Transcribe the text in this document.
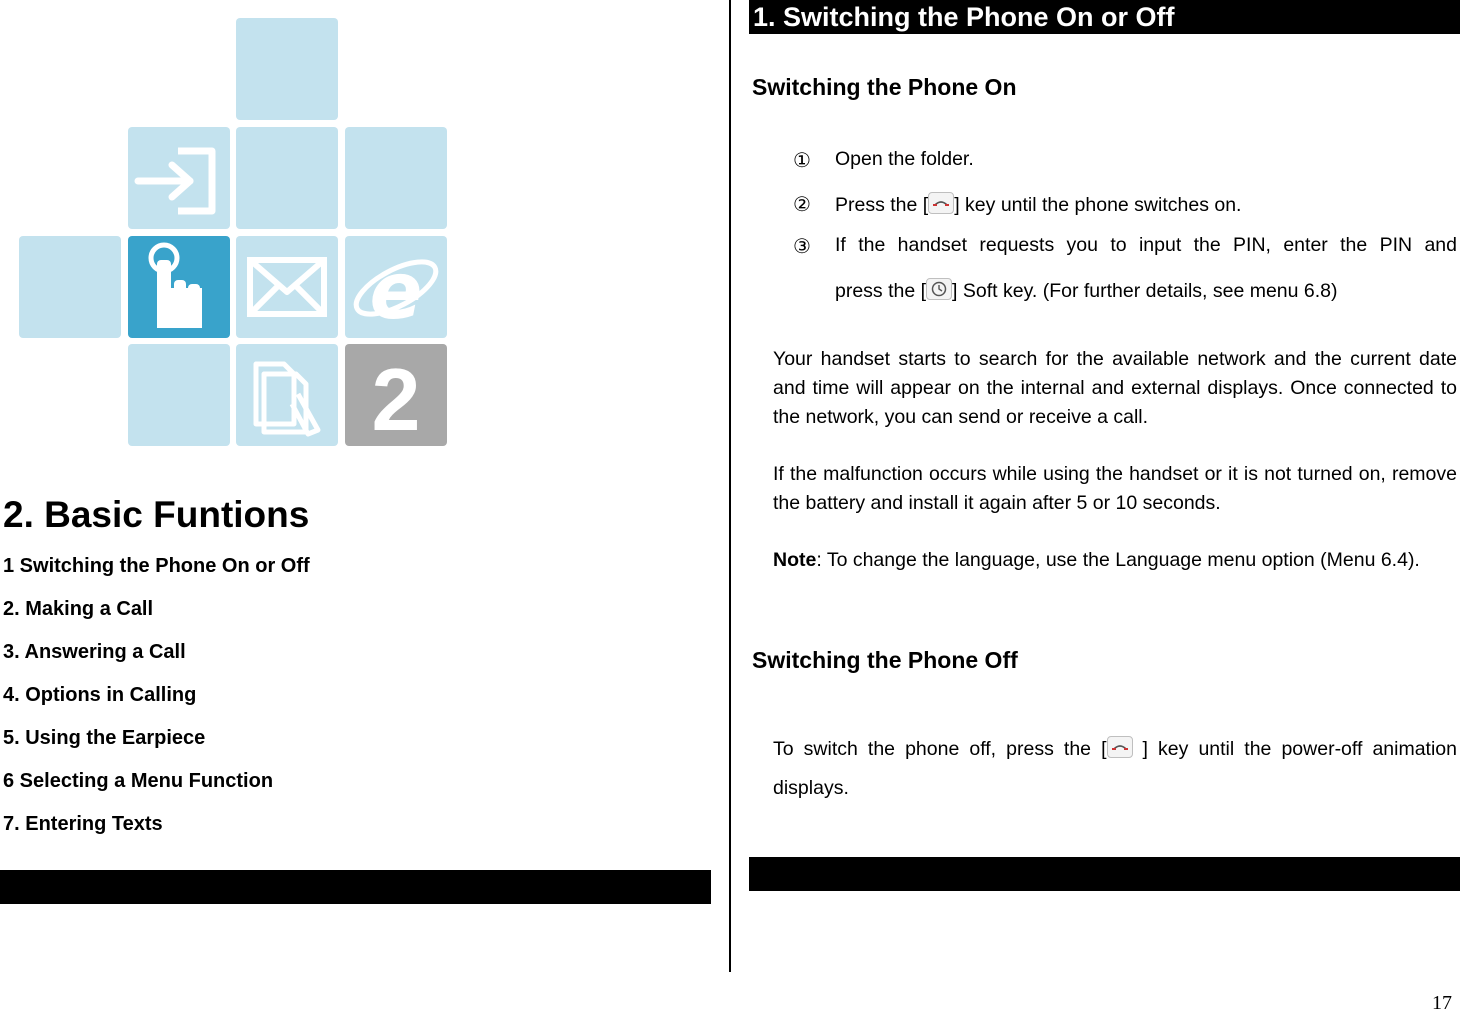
e
2
2. Basic Funtions
1 Switching the Phone On or Off
2. Making a Call
3. Answering a Call
4. Options in Calling
5. Using the Earpiece
6 Selecting a Menu Function
7. Entering Texts
1. Switching the Phone On or Off
Switching the Phone On
① Open the folder.
② Press the [ ] key until the phone switches on.
③ If the handset requests you to input the PIN, enter the PIN and
press the [ ] Soft key. (For further details, see menu 6.8)
Your handset starts to search for the available network and the current date and time will appear on the internal and external displays. Once connected to the network, you can send or receive a call.
If the malfunction occurs while using the handset or it is not turned on, remove the battery and install it again after 5 or 10 seconds.
Note: To change the language, use the Language menu option (Menu 6.4).
Switching the Phone Off
To switch the phone off, press the [
] key until the power-off animation displays.
17
